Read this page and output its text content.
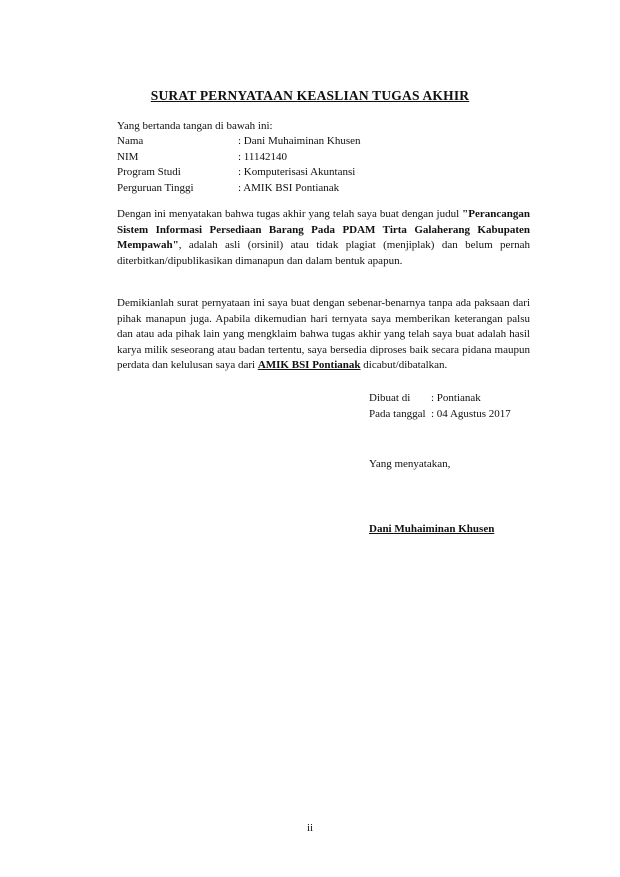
SURAT PERNYATAAN KEASLIAN TUGAS AKHIR
Yang bertanda tangan di bawah ini:
Nama	: Dani Muhaiminan Khusen
NIM	: 11142140
Program Studi	: Komputerisasi Akuntansi
Perguruan Tinggi	: AMIK BSI Pontianak

Dengan ini menyatakan bahwa tugas akhir yang telah saya buat dengan judul "Perancangan Sistem Informasi Persediaan Barang Pada PDAM Tirta Galaherang Kabupaten Mempawah", adalah asli (orsinil) atau tidak plagiat (menjiplak) dan belum pernah diterbitkan/dipublikasikan dimanapun dan dalam bentuk apapun.

Demikianlah surat pernyataan ini saya buat dengan sebenar-benarnya tanpa ada paksaan dari pihak manapun juga. Apabila dikemudian hari ternyata saya memberikan keterangan palsu dan atau ada pihak lain yang mengklaim bahwa tugas akhir yang telah saya buat adalah hasil karya milik seseorang atau badan tertentu, saya bersedia diproses baik secara pidana maupun perdata dan kelulusan saya dari AMIK BSI Pontianak dicabut/dibatalkan.

Dibuat di	: Pontianak
Pada tanggal	: 04 Agustus 2017
Yang menyatakan,
Dani Muhaiminan Khusen
ii
